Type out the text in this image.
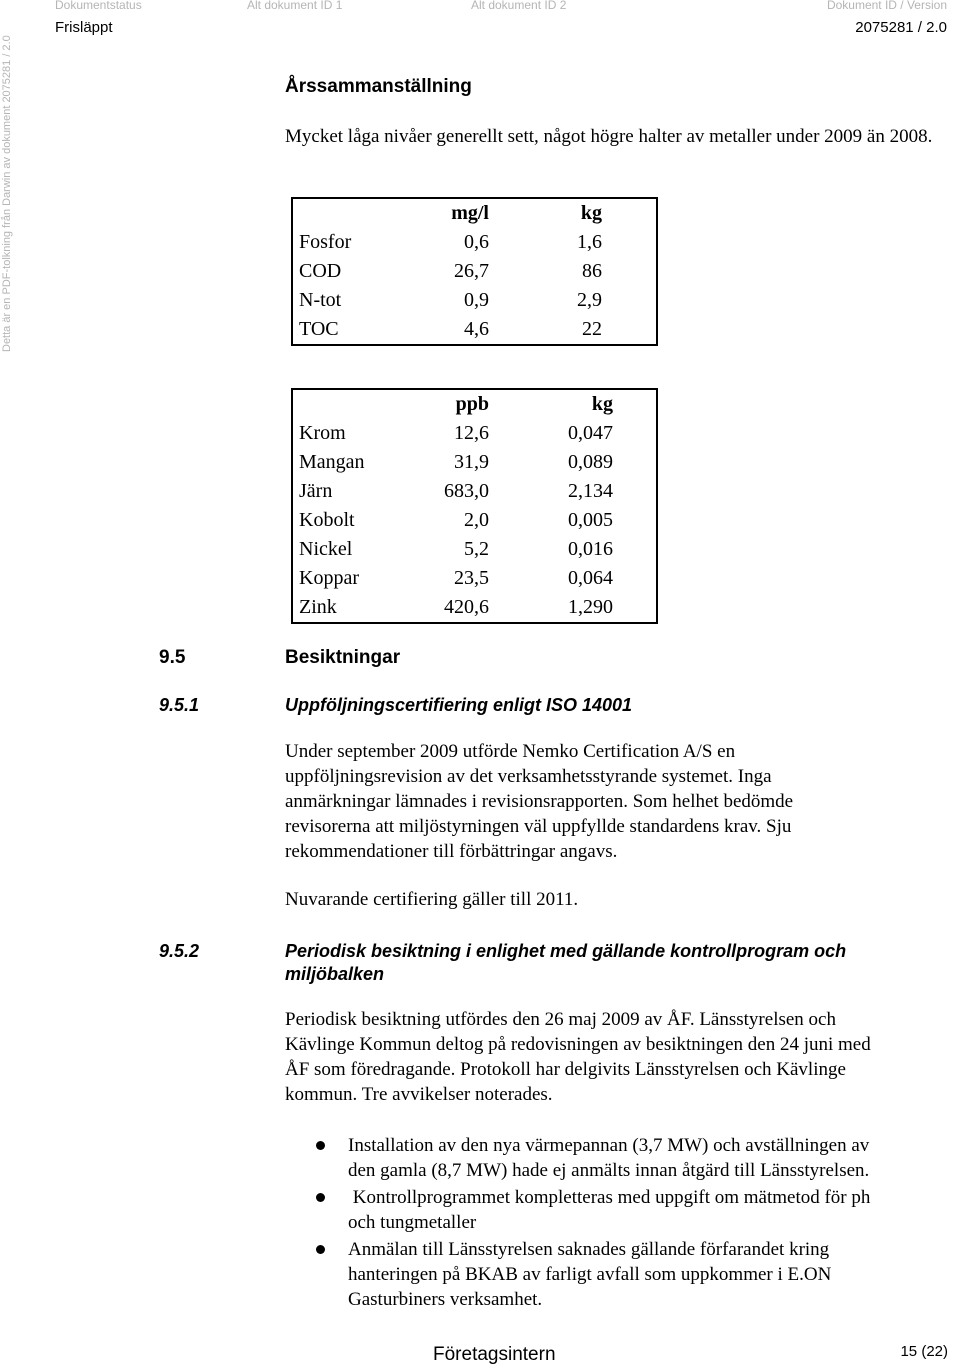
Dokumentstatus	Alt dokument ID 1	Alt dokument ID 2	Dokument ID / Version
Frisläppt	2075281 / 2.0
Detta är en PDF-tolkning från Darwin av dokument 2075281 / 2.0	Årssammanställning
Mycket låga nivåer generellt sett, något högre halter av metaller under 2009 än 2008.
	mg/l	kg
Fosfor	0,6	1,6
COD	26,7	86
N-tot	0,9	2,9
TOC	4,6	22
	ppb	kg
Krom	12,6	0,047
Mangan	31,9	0,089
Järn	683,0	2,134
Kobolt	2,0	0,005
Nickel	5,2	0,016
Koppar	23,5	0,064
Zink	420,6	1,290
9.5	Besiktningar
9.5.1	Uppföljningscertifiering enligt ISO 14001
Under september 2009 utförde Nemko Certification A/S en
uppföljningsrevision av det verksamhetsstyrande systemet. Inga
anmärkningar lämnades i revisionsrapporten. Som helhet bedömde
revisorerna att miljöstyrningen väl uppfyllde standardens krav. Sju
rekommendationer till förbättringar angavs.
Nuvarande certifiering gäller till 2011.
9.5.2	Periodisk besiktning i enlighet med gällande kontrollprogram och
miljöbalken
Periodisk besiktning utfördes den 26 maj 2009 av ÅF. Länsstyrelsen och
Kävlinge Kommun deltog på redovisningen av besiktningen den 24 juni med
ÅF som föredragande. Protokoll har delgivits Länsstyrelsen och Kävlinge
kommun. Tre avvikelser noterades.
Installation av den nya värmepannan (3,7 MW) och avställningen av
den gamla (8,7 MW) hade ej anmälts innan åtgärd till Länsstyrelsen.
Kontrollprogrammet kompletteras med uppgift om mätmetod för ph
och tungmetaller
Anmälan till Länsstyrelsen saknades gällande förfarandet kring
hanteringen på BKAB av farligt avfall som uppkommer i E.ON
Gasturbiners verksamhet.
Företagsintern	15 (22)
